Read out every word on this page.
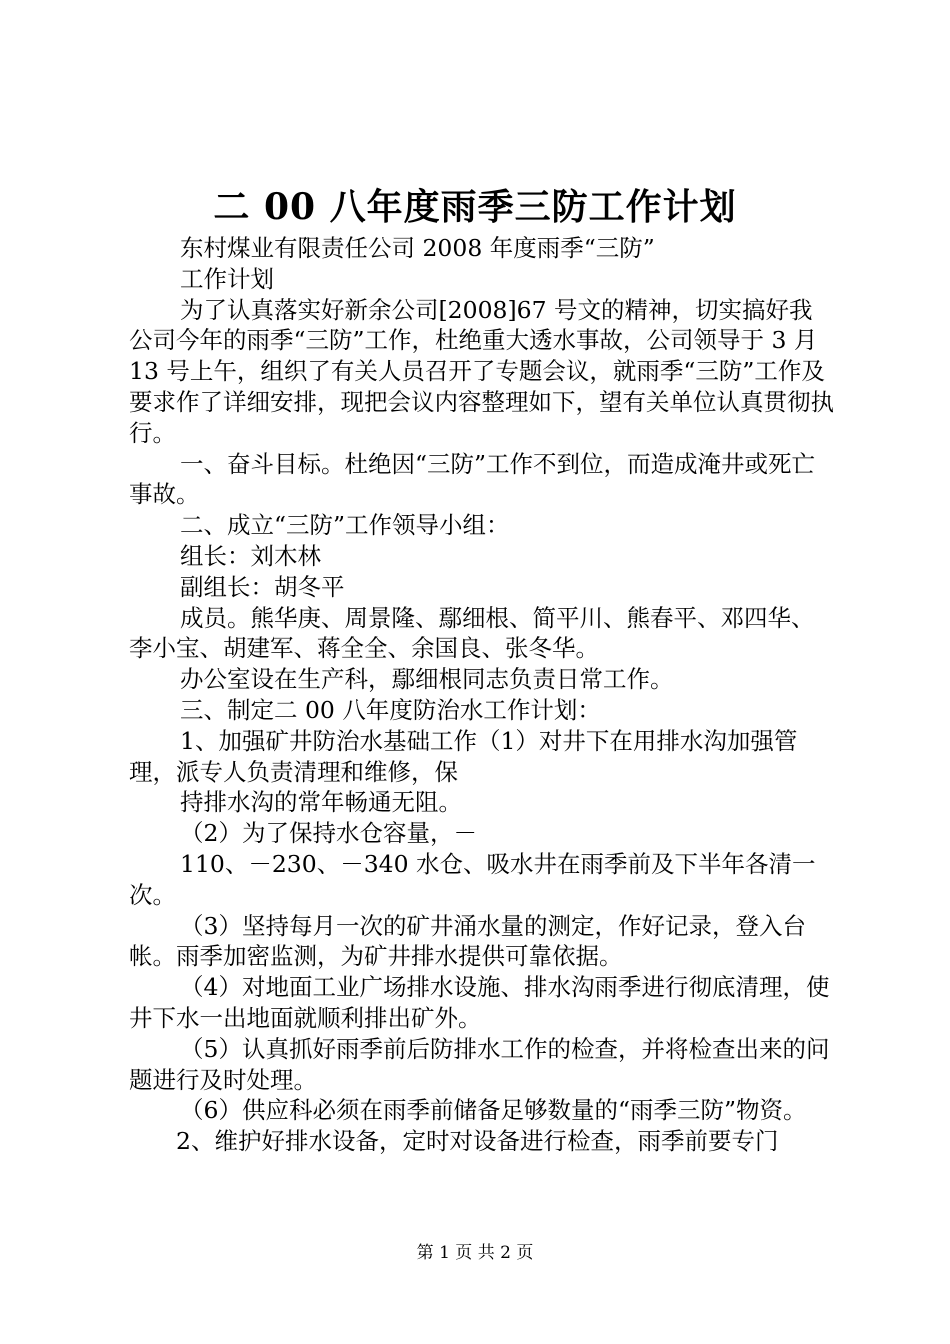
二 00 八年度雨季三防工作计划

东村煤业有限责任公司 2008 年度雨季“三防”

工作计划

为了认真落实好新余公司[2008]67 号文的精神，切实搞好我公司今年的雨季“三防”工作，杜绝重大透水事故，公司领导于 3 月 13 号上午，组织了有关人员召开了专题会议，就雨季“三防”工作及要求作了详细安排，现把会议内容整理如下，望有关单位认真贯彻执行。

一、奋斗目标。杜绝因“三防”工作不到位，而造成淹井或死亡事故。

二、成立“三防”工作领导小组：

组长：刘木林

副组长：胡冬平

成员。熊华庚、周景隆、鄢细根、简平川、熊春平、邓四华、李小宝、胡建军、蒋全全、余国良、张冬华。

办公室设在生产科，鄢细根同志负责日常工作。

三、制定二 00 八年度防治水工作计划：

1、加强矿井防治水基础工作（1）对井下在用排水沟加强管理，派专人负责清理和维修，保

持排水沟的常年畅通无阻。

（2）为了保持水仓容量，－

110、－230、－340 水仓、吸水井在雨季前及下半年各清一次。

（3）坚持每月一次的矿井涌水量的测定，作好记录，登入台帐。雨季加密监测，为矿井排水提供可靠依据。

（4）对地面工业广场排水设施、排水沟雨季进行彻底清理，使井下水一出地面就顺利排出矿外。

（5）认真抓好雨季前后防排水工作的检查，并将检查出来的问题进行及时处理。

（6）供应科必须在雨季前储备足够数量的“雨季三防”物资。

2、维护好排水设备，定时对设备进行检查，雨季前要专门

第 1 页 共 2 页
